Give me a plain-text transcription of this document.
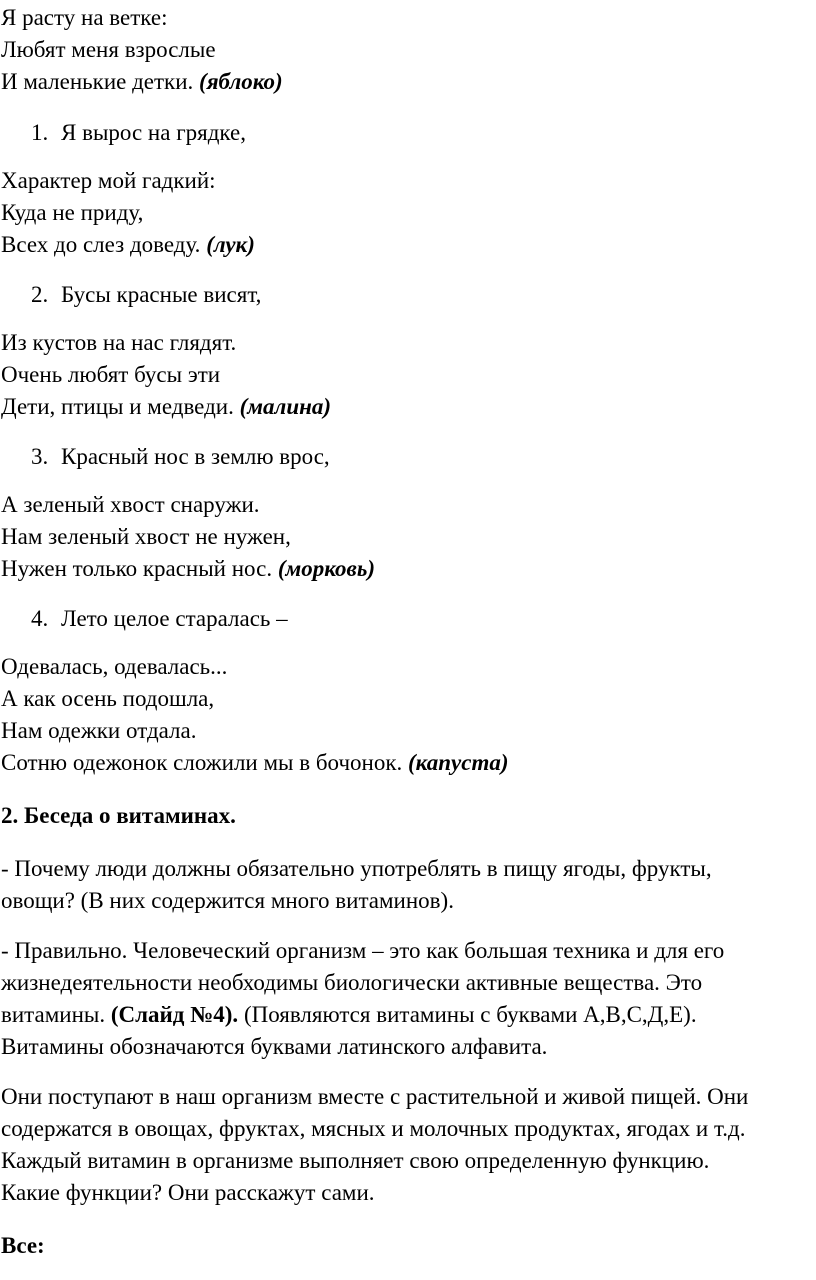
Я расту на ветке:
Любят меня взрослые
И маленькие детки. (яблоко)
1. Я вырос на грядке,
Характер мой гадкий:
Куда не приду,
Всех до слез доведу. (лук)
2. Бусы красные висят,
Из кустов на нас глядят.
Очень любят бусы эти
Дети, птицы и медведи. (малина)
3. Красный нос в землю врос,
А зеленый хвост снаружи.
Нам зеленый хвост не нужен,
Нужен только красный нос. (морковь)
4. Лето целое старалась –
Одевалась, одевалась...
А как осень подошла,
Нам одежки отдала.
Сотню одежонок сложили мы в бочонок. (капуста)
2. Беседа о витаминах.
- Почему люди должны обязательно употреблять в пищу ягоды, фрукты,
овощи? (В них содержится много витаминов).
- Правильно. Человеческий организм – это как большая техника и для его
жизнедеятельности необходимы биологически активные вещества. Это
витамины. (Слайд №4). (Появляются витамины с буквами А,В,С,Д,Е).
Витамины обозначаются буквами латинского алфавита.
Они поступают в наш организм вместе с растительной и живой пищей. Они
содержатся в овощах, фруктах, мясных и молочных продуктах, ягодах и т.д.
Каждый витамин в организме выполняет свою определенную функцию.
Какие функции? Они расскажут сами.
Все:
